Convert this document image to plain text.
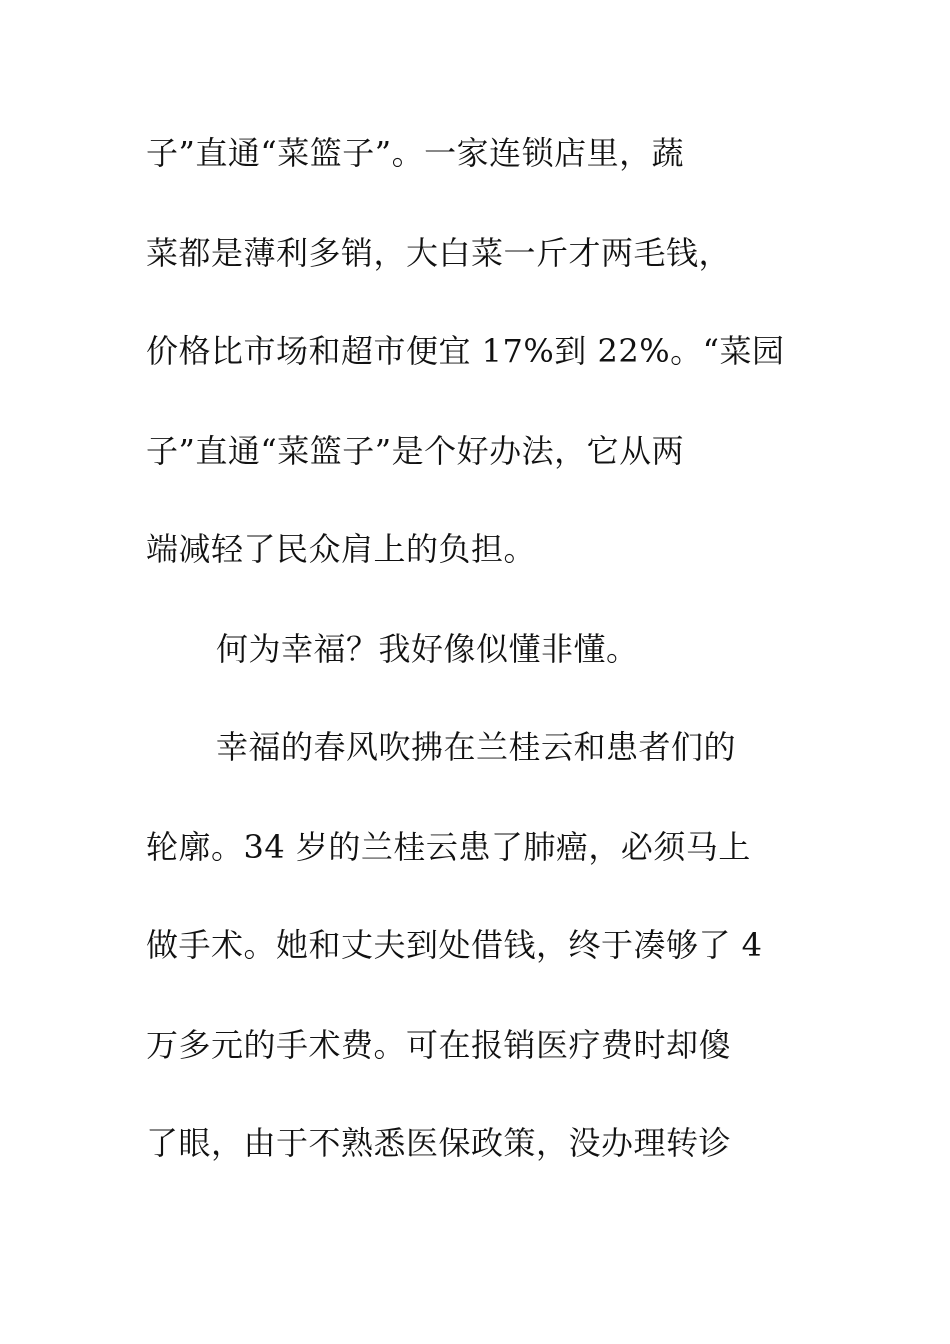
子”直通“菜篮子”。一家连锁店里，蔬
菜都是薄利多销，大白菜一斤才两毛钱，
价格比市场和超市便宜 17%到 22%。“菜园
子”直通“菜篮子”是个好办法，它从两
端减轻了民众肩上的负担。
何为幸福？我好像似懂非懂。
幸福的春风吹拂在兰桂云和患者们的
轮廓。34 岁的兰桂云患了肺癌，必须马上
做手术。她和丈夫到处借钱，终于凑够了 4
万多元的手术费。可在报销医疗费时却傻
了眼，由于不熟悉医保政策，没办理转诊
